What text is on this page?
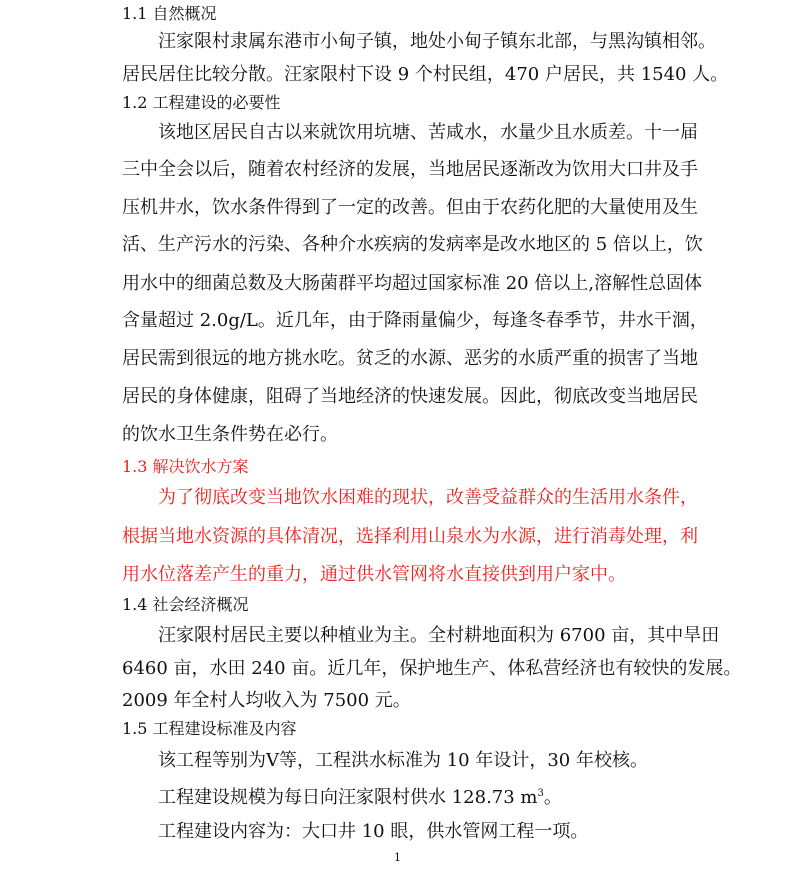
1.1 自然概况

汪家限村隶属东港市小甸子镇，地处小甸子镇东北部，与黑沟镇相邻。

居民居住比较分散。汪家限村下设 9 个村民组，470 户居民，共 1540 人。

1.2 工程建设的必要性

该地区居民自古以来就饮用坑塘、苦咸水，水量少且水质差。十一届

三中全会以后，随着农村经济的发展，当地居民逐渐改为饮用大口井及手

压机井水，饮水条件得到了一定的改善。但由于农药化肥的大量使用及生

活、生产污水的污染、各种介水疾病的发病率是改水地区的 5 倍以上，饮

用水中的细菌总数及大肠菌群平均超过国家标准 20 倍以上,溶解性总固体

含量超过 2.0g/L。近几年，由于降雨量偏少，每逢冬春季节，井水干涸，

居民需到很远的地方挑水吃。贫乏的水源、恶劣的水质严重的损害了当地

居民的身体健康，阻碍了当地经济的快速发展。因此，彻底改变当地居民

的饮水卫生条件势在必行。

1.3 解决饮水方案

为了彻底改变当地饮水困难的现状，改善受益群众的生活用水条件，

根据当地水资源的具体清况，选择利用山泉水为水源，进行消毒处理，利

用水位落差产生的重力，通过供水管网将水直接供到用户家中。

1.4 社会经济概况

汪家限村居民主要以种植业为主。全村耕地面积为 6700 亩，其中旱田

6460 亩，水田 240 亩。近几年，保护地生产、体私营经济也有较快的发展。

2009 年全村人均收入为 7500 元。

1.5 工程建设标准及内容

该工程等别为Ⅴ等，工程洪水标准为 10 年设计，30 年校核。

工程建设规模为每日向汪家限村供水 128.73 $m^3$。

工程建设内容为：大口井 10 眼，供水管网工程一项。

1
